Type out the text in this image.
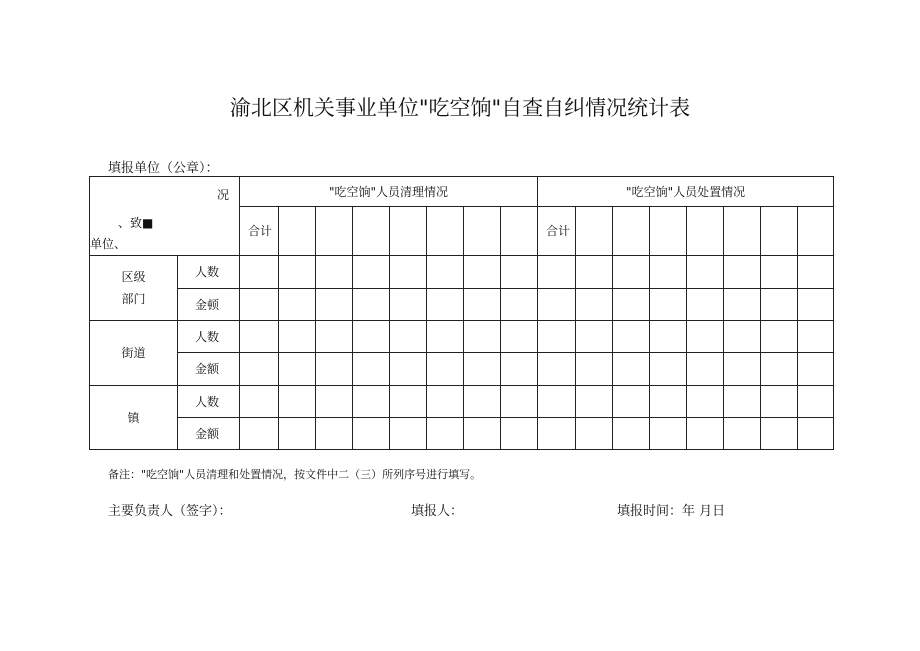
渝北区机关事业单位"吃空饷"自查自纠情况统计表
填报单位（公章）：
况
、致■
单位、		"吃空饷"人员清理情况								"吃空饷"人员处置情况							
		合计								合计							
区级部门	人数																
	金顿																
街道	人数																
	金额																
镇	人数																
	金额																
备注："吃空饷"人员清理和处置情况，按文件中二（三）所列序号进行填写。
主要负责人（签字）：	填报人：	填报时间：年 月日
